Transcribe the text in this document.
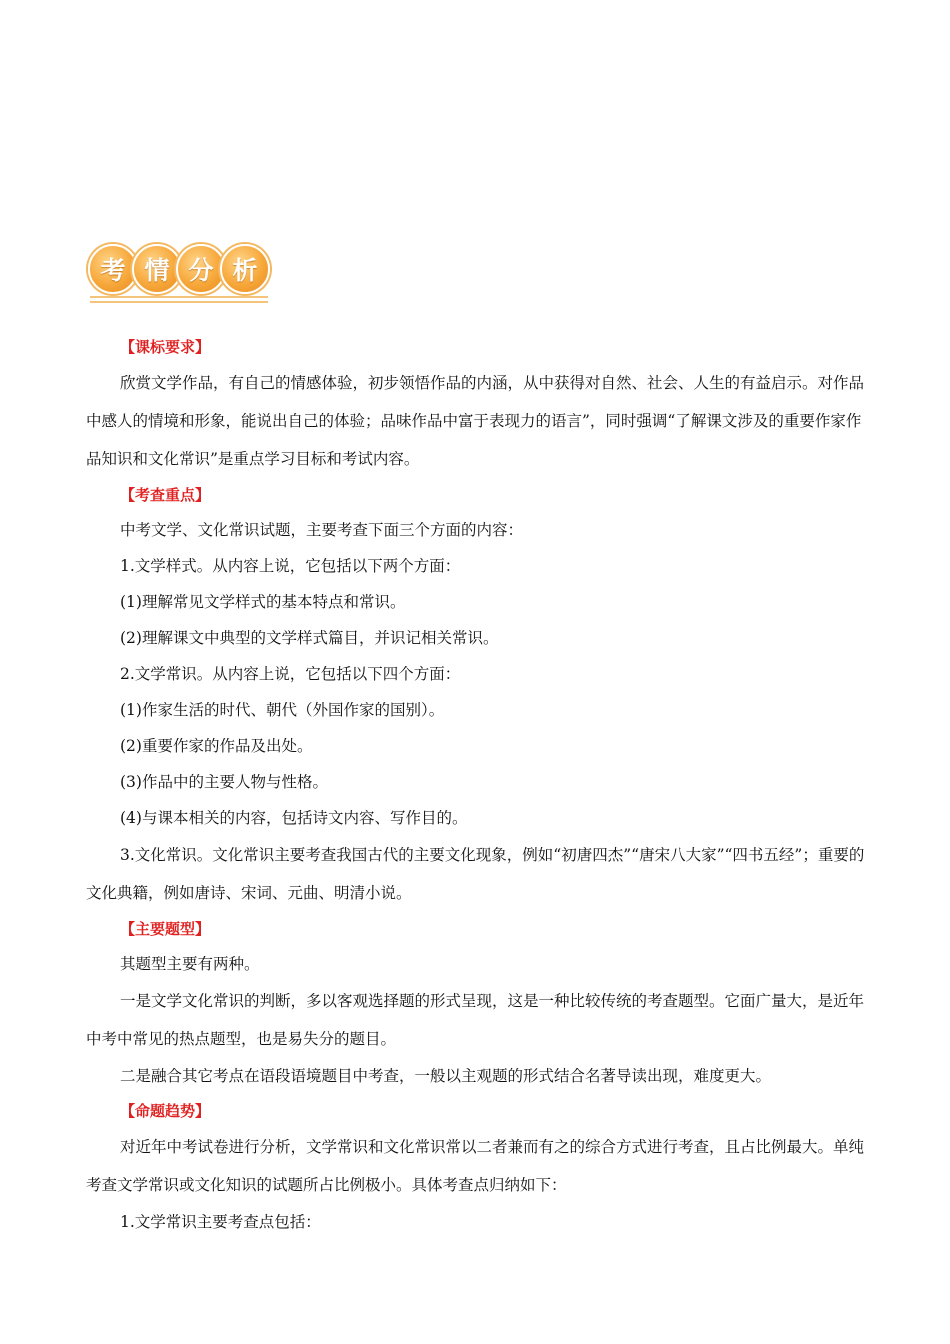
考 情 分 析

【课标要求】

欣赏文学作品，有自己的情感体验，初步领悟作品的内涵，从中获得对自然、社会、人生的有益启示。对作品中感人的情境和形象，能说出自己的体验；品味作品中富于表现力的语言”，同时强调“了解课文涉及的重要作家作品知识和文化常识”是重点学习目标和考试内容。

【考查重点】

中考文学、文化常识试题，主要考查下面三个方面的内容：

1.文学样式。从内容上说，它包括以下两个方面：

(1)理解常见文学样式的基本特点和常识。

(2)理解课文中典型的文学样式篇目，并识记相关常识。

2.文学常识。从内容上说，它包括以下四个方面：

(1)作家生活的时代、朝代（外国作家的国别）。

(2)重要作家的作品及出处。

(3)作品中的主要人物与性格。

(4)与课本相关的内容，包括诗文内容、写作目的。

3.文化常识。文化常识主要考查我国古代的主要文化现象，例如“初唐四杰”“唐宋八大家”“四书五经”；重要的文化典籍，例如唐诗、宋词、元曲、明清小说。

【主要题型】

其题型主要有两种。

一是文学文化常识的判断，多以客观选择题的形式呈现，这是一种比较传统的考查题型。它面广量大，是近年中考中常见的热点题型，也是易失分的题目。

二是融合其它考点在语段语境题目中考查，一般以主观题的形式结合名著导读出现，难度更大。

【命题趋势】

对近年中考试卷进行分析，文学常识和文化常识常以二者兼而有之的综合方式进行考查，且占比例最大。单纯考查文学常识或文化知识的试题所占比例极小。具体考查点归纳如下：

1.文学常识主要考查点包括：
